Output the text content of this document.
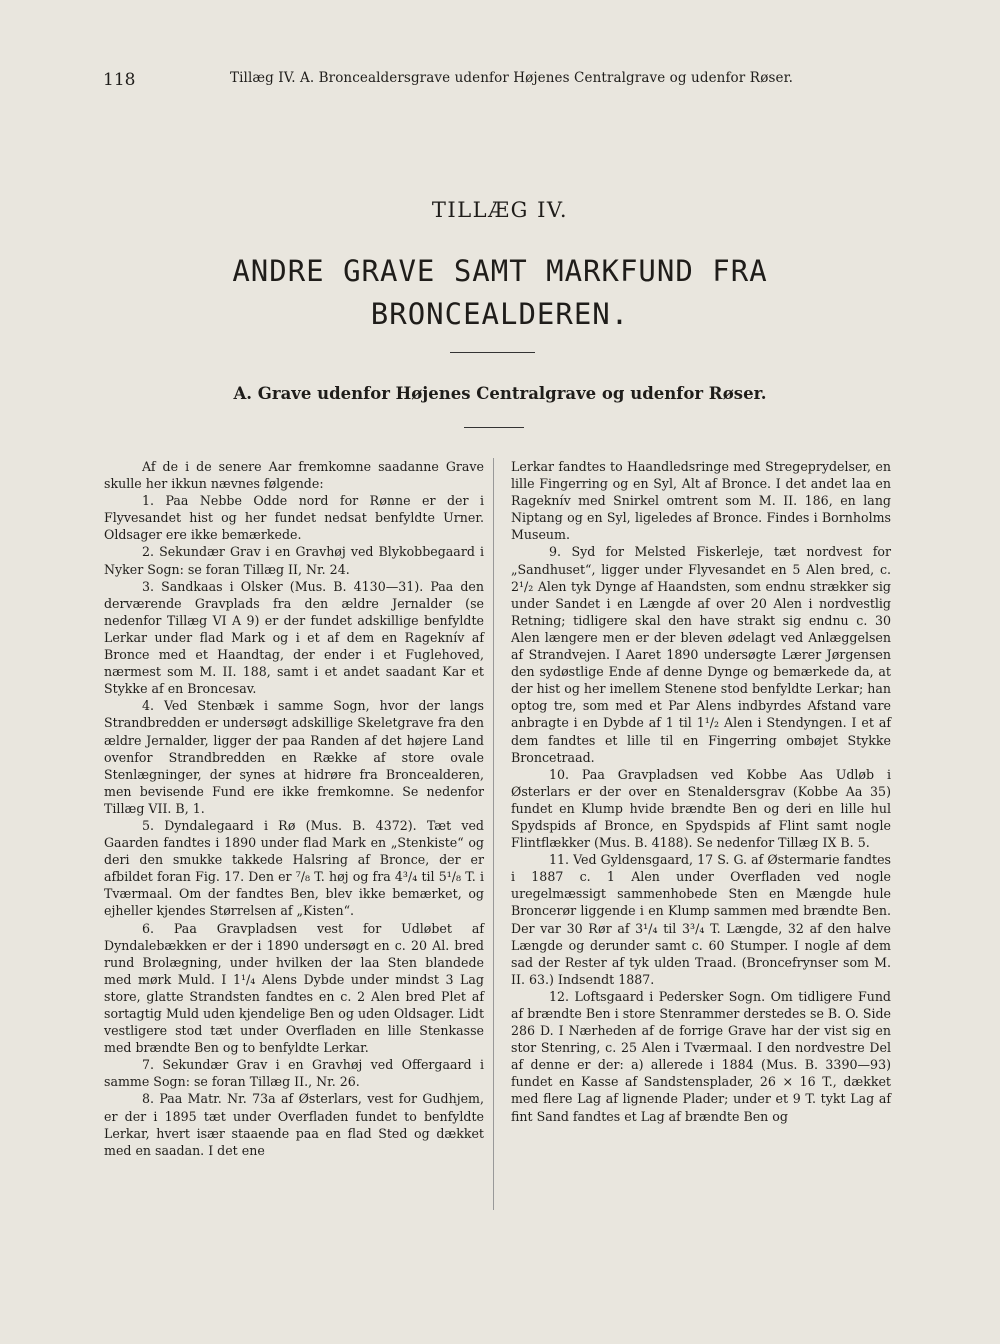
118	Tillæg IV. A. Broncealdersgrave udenfor Højenes Centralgrave og udenfor Røser.
TILLÆG IV.
ANDRE GRAVE SAMT MARKFUND FRA
BRONCEALDEREN.
A. Grave udenfor Højenes Centralgrave og udenfor Røser.

Af de i de senere Aar fremkomne saadanne Grave skulle her ikkun nævnes følgende:

1. Paa Nebbe Odde nord for Rønne er der i Flyvesandet hist og her fundet nedsat benfyldte Urner. Oldsager ere ikke bemærkede.

2. Sekundær Grav i en Gravhøj ved Blykobbegaard i Nyker Sogn: se foran Tillæg II, Nr. 24.

3. Sandkaas i Olsker (Mus. B. 4130—31). Paa den derværende Gravplads fra den ældre Jernalder (se nedenfor Tillæg VI A 9) er der fundet adskillige benfyldte Lerkar under flad Mark og i et af dem en Rageknív af Bronce med et Haandtag, der ender i et Fuglehoved, nærmest som M. II. 188, samt i et andet saadant Kar et Stykke af en Broncesav.

4. Ved Stenbæk i samme Sogn, hvor der langs Strandbredden er undersøgt adskillige Skeletgrave fra den ældre Jernalder, ligger der paa Randen af det højere Land ovenfor Strandbredden en Række af store ovale Stenlægninger, der synes at hidrøre fra Broncealderen, men bevisende Fund ere ikke fremkomne. Se nedenfor Tillæg VII. B, 1.

5. Dyndalegaard i Rø (Mus. B. 4372). Tæt ved Gaarden fandtes i 1890 under flad Mark en „Stenkiste“ og deri den smukke takkede Halsring af Bronce, der er afbildet foran Fig. 17. Den er ⁷/₈ T. høj og fra 4³/₄ til 5¹/₈ T. i Tværmaal. Om der fandtes Ben, blev ikke bemærket, og ejheller kjendes Størrelsen af „Kisten“.

6. Paa Gravpladsen vest for Udløbet af Dyndalebækken er der i 1890 undersøgt en c. 20 Al. bred rund Brolægning, under hvilken der laa Sten blandede med mørk Muld. I 1¹/₄ Alens Dybde under mindst 3 Lag store, glatte Strandsten fandtes en c. 2 Alen bred Plet af sortagtig Muld uden kjendelige Ben og uden Oldsager. Lidt vestligere stod tæt under Overfladen en lille Stenkasse med brændte Ben og to benfyldte Lerkar.

7. Sekundær Grav i en Gravhøj ved Offergaard i samme Sogn: se foran Tillæg II., Nr. 26.

8. Paa Matr. Nr. 73a af Østerlars, vest for Gudhjem, er der i 1895 tæt under Overfladen fundet to benfyldte Lerkar, hvert især staaende paa en flad Sted og dækket med en saadan. I det ene

Lerkar fandtes to Haandledsringe med Stregeprydelser, en lille Fingerring og en Syl, Alt af Bronce. I det andet laa en Rageknív med Snirkel omtrent som M. II. 186, en lang Niptang og en Syl, ligeledes af Bronce. Findes i Bornholms Museum.

9. Syd for Melsted Fiskerleje, tæt nordvest for „Sandhuset“, ligger under Flyvesandet en 5 Alen bred, c. 2¹/₂ Alen tyk Dynge af Haandsten, som endnu strækker sig under Sandet i en Længde af over 20 Alen i nordvestlig Retning; tidligere skal den have strakt sig endnu c. 30 Alen længere men er der bleven ødelagt ved Anlæggelsen af Strandvejen. I Aaret 1890 undersøgte Lærer Jørgensen den sydøstlige Ende af denne Dynge og bemærkede da, at der hist og her imellem Stenene stod benfyldte Lerkar; han optog tre, som med et Par Alens indbyrdes Afstand vare anbragte i en Dybde af 1 til 1¹/₂ Alen i Stendyngen. I et af dem fandtes et lille til en Fingerring ombøjet Stykke Broncetraad.

10. Paa Gravpladsen ved Kobbe Aas Udløb i Østerlars er der over en Stenaldersgrav (Kobbe Aa 35) fundet en Klump hvide brændte Ben og deri en lille hul Spydspids af Bronce, en Spydspids af Flint samt nogle Flintflækker (Mus. B. 4188). Se nedenfor Tillæg IX B. 5.

11. Ved Gyldensgaard, 17 S. G. af Østermarie fandtes i 1887 c. 1 Alen under Overfladen ved nogle uregelmæssigt sammenhobede Sten en Mængde hule Broncerør liggende i en Klump sammen med brændte Ben. Der var 30 Rør af 3¹/₄ til 3³/₄ T. Længde, 32 af den halve Længde og derunder samt c. 60 Stumper. I nogle af dem sad der Rester af tyk ulden Traad. (Broncefrynser som M. II. 63.) Indsendt 1887.

12. Loftsgaard i Pedersker Sogn. Om tidligere Fund af brændte Ben i store Stenrammer derstedes se B. O. Side 286 D. I Nærheden af de forrige Grave har der vist sig en stor Stenring, c. 25 Alen i Tværmaal. I den nordvestre Del af denne er der: a) allerede i 1884 (Mus. B. 3390—93) fundet en Kasse af Sandstensplader, 26 × 16 T., dækket med flere Lag af lignende Plader; under et 9 T. tykt Lag af fint Sand fandtes et Lag af brændte Ben og
